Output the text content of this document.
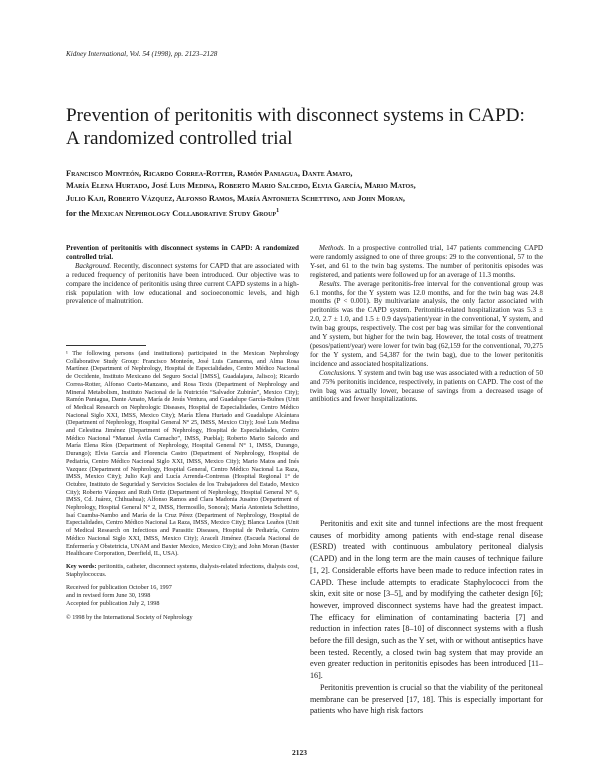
Kidney International, Vol. 54 (1998), pp. 2123–2128
Prevention of peritonitis with disconnect systems in CAPD:
A randomized controlled trial
Francisco Monteón, Ricardo Correa-Rotter, Ramón Paniagua, Dante Amato,
María Elena Hurtado, José Luis Medina, Roberto Mario Salcedo, Elvia García, Mario Matos,
Julio Kaji, Roberto Vázquez, Alfonso Ramos, María Antonieta Schettino, and John Moran,
for the Mexican Nephrology Collaborative Study Group$^1$

Prevention of peritonitis with disconnect systems in CAPD: A randomized controlled trial.

Background. Recently, disconnect systems for CAPD that are associated with a reduced frequency of peritonitis have been introduced. Our objective was to compare the incidence of peritonitis using three current CAPD systems in a high-risk population with low educational and socioeconomic levels, and high prevalence of malnutrition.

Methods. In a prospective controlled trial, 147 patients commencing CAPD were randomly assigned to one of three groups: 29 to the conventional, 57 to the Y-set, and 61 to the twin bag systems. The number of peritonitis episodes was registered, and patients were followed up for an average of 11.3 months.

Results. The average peritonitis-free interval for the conventional group was 6.1 months, for the Y system was 12.0 months, and for the twin bag was 24.8 months (P < 0.001). By multivariate analysis, the only factor associated with peritonitis was the CAPD system. Peritonitis-related hospitalization was 5.3 ± 2.0, 2.7 ± 1.0, and 1.5 ± 0.9 days/patient/year in the conventional, Y system, and twin bag groups, respectively. The cost per bag was similar for the conventional and Y system, but higher for the twin bag. However, the total costs of treatment (pesos/patient/year) were lower for twin bag (62,159 for the conventional, 70,275 for the Y system, and 54,387 for the twin bag), due to the lower peritonitis incidence and associated hospitalizations.

Conclusions. Y system and twin bag use was associated with a reduction of 50 and 75% peritonitis incidence, respectively, in patients on CAPD. The cost of the twin bag was actually lower, because of savings from a decreased usage of antibiotics and fewer hospitalizations.

¹ The following persons (and institutions) participated in the Mexican Nephrology Collaborative Study Group: Francisco Monteón, José Luis Camarena, and Alma Rosa Martínez (Department of Nephrology, Hospital de Especialidades, Centro Médico Nacional de Occidente, Instituto Mexicano del Seguro Social [IMSS], Guadalajara, Jalisco); Ricardo Correa-Rotter, Alfonso Cueto-Manzano, and Rosa Texis (Department of Nephrology and Mineral Metabolism, Instituto Nacional de la Nutrición “Salvador Zubirán”, Mexico City); Ramón Paniagua, Dante Amato, María de Jesús Ventura, and Guadalupe García-Bulnes (Unit of Medical Research on Nephrologic Diseases, Hospital de Especialidades, Centro Médico Nacional Siglo XXI, IMSS, Mexico City); María Elena Hurtado and Guadalupe Alcántara (Department of Nephrology, Hospital General N° 25, IMSS, Mexico City); José Luis Medina and Celestina Jiménez (Department of Nephrology, Hospital de Especialidades, Centro Médico Nacional “Manuel Ávila Camacho”, IMSS, Puebla); Roberto Mario Salcedo and María Elena Ríos (Department of Nephrology, Hospital General N° 1, IMSS, Durango, Durango); Elvia García and Florencia Castro (Department of Nephrology, Hospital de Pediatría, Centro Médico Nacional Siglo XXI, IMSS, Mexico City); Mario Matos and Inés Vazquez (Department of Nephrology, Hospital General, Centro Médico Nacional La Raza, IMSS, Mexico City); Julio Kaji and Lucía Arrenda-Contreras (Hospital Regional 1° de Octubre, Instituto de Seguridad y Servicios Sociales de los Trabajadores del Estado, Mexico City); Roberto Vázquez and Ruth Ortiz (Department of Nephrology, Hospital General N° 6, IMSS, Cd. Juárez, Chihuahua); Alfonso Ramos and Clara Madonia Jusaino (Department of Nephrology, Hospital General N° 2, IMSS, Hermosillo, Sonora); María Antonieta Schettino, Isaí Cuamba-Nambo and María de la Cruz Pérez (Department of Nephrology, Hospital de Especialidades, Centro Médico Nacional La Raza, IMSS, Mexico City); Blanca Leaños (Unit of Medical Research on Infectious and Parasitic Diseases, Hospital de Pediatría, Centro Médico Nacional Siglo XXI, IMSS, Mexico City); Araceli Jiménez (Escuela Nacional de Enfermería y Obstetricia, UNAM and Baxter Mexico, Mexico City); and John Moran (Baxter Healthcare Corporation, Deerfield, IL, USA).

Key words: peritonitis, catheter, disconnect systems, dialysis-related infections, dialysis cost, Staphylococcus.

Received for publication October 16, 1997

and in revised form June 30, 1998

Accepted for publication July 2, 1998

© 1998 by the International Society of Nephrology

Peritonitis and exit site and tunnel infections are the most frequent causes of morbidity among patients with end-stage renal disease (ESRD) treated with continuous ambulatory peritoneal dialysis (CAPD) and in the long term are the main causes of technique failure [1, 2]. Considerable efforts have been made to reduce infection rates in CAPD. These include attempts to eradicate Staphylococci from the skin, exit site or nose [3–5], and by modifying the catheter design [6]; however, improved disconnect systems have had the greatest impact. The efficacy for elimination of contaminating bacteria [7] and reduction in infection rates [8–10] of disconnect systems with a flush before the fill design, such as the Y set, with or without antiseptics have been tested. Recently, a closed twin bag system that may provide an even greater reduction in peritonitis episodes has been introduced [11–16].

Peritonitis prevention is crucial so that the viability of the peritoneal membrane can be preserved [17, 18]. This is especially important for patients who have high risk factors

2123
